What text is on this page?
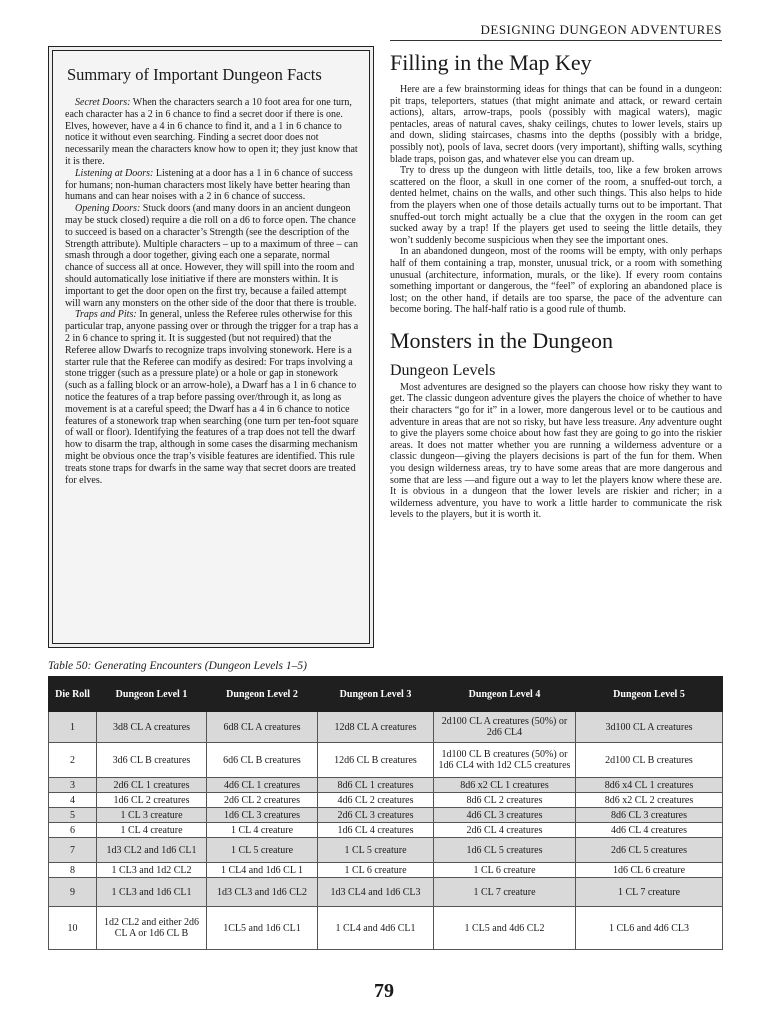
DESIGNING DUNGEON ADVENTURES
Summary of Important Dungeon Facts

Secret Doors: When the characters search a 10 foot area for one turn, each character has a 2 in 6 chance to find a secret door if there is one. Elves, however, have a 4 in 6 chance to find it, and a 1 in 6 chance to notice it without even searching. Finding a secret door does not necessarily mean the characters know how to open it; they just know that it is there.

Listening at Doors: Listening at a door has a 1 in 6 chance of success for humans; non-human characters most likely have better hearing than humans and can hear noises with a 2 in 6 chance of success.

Opening Doors: Stuck doors (and many doors in an ancient dungeon may be stuck closed) require a die roll on a d6 to force open. The chance to succeed is based on a character’s Strength (see the description of the Strength attribute). Multiple characters – up to a maximum of three – can smash through a door together, giving each one a separate, normal chance of success all at once. However, they will spill into the room and should automatically lose initiative if there are monsters within. It is important to get the door open on the first try, because a failed attempt will warn any monsters on the other side of the door that there is trouble.

Traps and Pits: In general, unless the Referee rules otherwise for this particular trap, anyone passing over or through the trigger for a trap has a 2 in 6 chance to spring it. It is suggested (but not required) that the Referee allow Dwarfs to recognize traps involving stonework. Here is a starter rule that the Referee can modify as desired: For traps involving a stone trigger (such as a pressure plate) or a hole or gap in stonework (such as a falling block or an arrow-hole), a Dwarf has a 1 in 6 chance to notice the features of a trap before passing over/through it, as long as movement is at a careful speed; the Dwarf has a 4 in 6 chance to notice features of a stonework trap when searching (one turn per ten-foot square of wall or floor). Identifying the features of a trap does not tell the dwarf how to disarm the trap, although in some cases the disarming mechanism might be obvious once the trap’s visible features are identified. This rule treats stone traps for dwarfs in the same way that secret doors are treated for elves.

Filling in the Map Key

Here are a few brainstorming ideas for things that can be found in a dungeon: pit traps, teleporters, statues (that might animate and attack, or reward certain actions), altars, arrow-traps, pools (possibly with magical waters), magic pentacles, areas of natural caves, shaky ceilings, chutes to lower levels, stairs up and down, sliding staircases, chasms into the depths (possibly with a bridge, possibly not), pools of lava, secret doors (very important), shifting walls, scything blade traps, poison gas, and whatever else you can dream up.

Try to dress up the dungeon with little details, too, like a few broken arrows scattered on the floor, a skull in one corner of the room, a snuffed-out torch, a dented helmet, chains on the walls, and other such things. This also helps to hide from the players when one of those details actually turns out to be important. That snuffed-out torch might actually be a clue that the oxygen in the room can get sucked away by a trap! If the players get used to seeing the little details, they won’t suddenly become suspicious when they see the important ones.

In an abandoned dungeon, most of the rooms will be empty, with only perhaps half of them containing a trap, monster, unusual trick, or a room with something unusual (architecture, information, murals, or the like). If every room contains something important or dangerous, the “feel” of exploring an abandoned place is lost; on the other hand, if details are too sparse, the pace of the adventure can become boring. The half-half ratio is a good rule of thumb.

Monsters in the Dungeon
Dungeon Levels

Most adventures are designed so the players can choose how risky they want to get. The classic dungeon adventure gives the players the choice of whether to have their characters “go for it” in a lower, more dangerous level or to be cautious and adventure in areas that are not so risky, but have less treasure. Any adventure ought to give the players some choice about how fast they are going to go into the riskier areas. It does not matter whether you are running a wilderness adventure or a classic dungeon—giving the players decisions is part of the fun for them. When you design wilderness areas, try to have some areas that are more dangerous and some that are less —and figure out a way to let the players know where these are. It is obvious in a dungeon that the lower levels are riskier and richer; in a wilderness adventure, you have to work a little harder to communicate the risk levels to the players, but it is worth it.

Table 50: Generating Encounters (Dungeon Levels 1–5)
Die Roll	Dungeon Level 1	Dungeon Level 2	Dungeon Level 3	Dungeon Level 4	Dungeon Level 5
1	3d8 CL A creatures	6d8 CL A creatures	12d8 CL A creatures	2d100 CL A creatures (50%) or 2d6 CL4	3d100 CL A creatures
2	3d6 CL B creatures	6d6 CL B creatures	12d6 CL B creatures	1d100 CL B creatures (50%) or 1d6 CL4 with 1d2 CL5 creatures	2d100 CL B creatures
3	2d6 CL 1 creatures	4d6 CL 1 creatures	8d6 CL 1 creatures	8d6 x2 CL 1 creatures	8d6 x4 CL 1 creatures
4	1d6 CL 2 creatures	2d6 CL 2 creatures	4d6 CL 2 creatures	8d6 CL 2 creatures	8d6 x2 CL 2 creatures
5	1 CL 3 creature	1d6 CL 3 creatures	2d6 CL 3 creatures	4d6 CL 3 creatures	8d6 CL 3 creatures
6	1 CL 4 creature	1 CL 4 creature	1d6 CL 4 creatures	2d6 CL 4 creatures	4d6 CL 4 creatures
7	1d3 CL2 and 1d6 CL1	1 CL 5 creature	1 CL 5 creature	1d6 CL 5 creatures	2d6 CL 5 creatures
8	1 CL3 and 1d2 CL2	1 CL4 and 1d6 CL 1	1 CL 6 creature	1 CL 6 creature	1d6 CL 6 creature
9	1 CL3 and 1d6 CL1	1d3 CL3 and 1d6 CL2	1d3 CL4 and 1d6 CL3	1 CL 7 creature	1 CL 7 creature
10	1d2 CL2 and either 2d6 CL A or 1d6 CL B	1CL5 and 1d6 CL1	1 CL4 and 4d6 CL1	1 CL5 and 4d6 CL2	1 CL6 and 4d6 CL3
79
